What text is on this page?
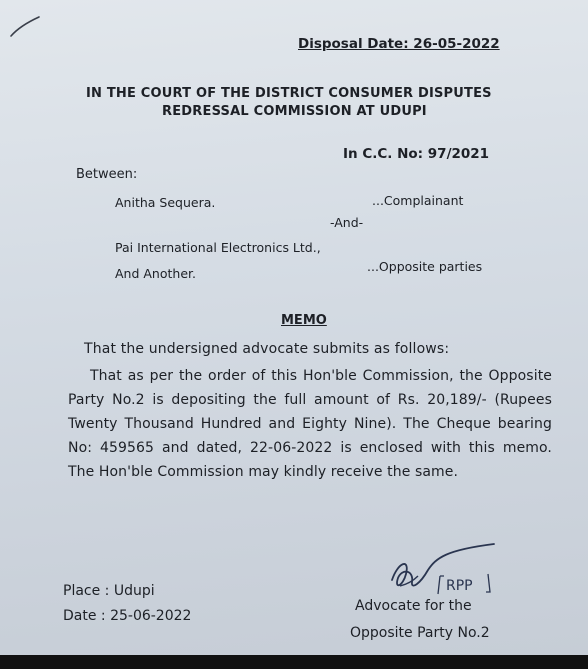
Disposal Date: 26-05-2022
IN THE COURT OF THE DISTRICT CONSUMER DISPUTES
REDRESSAL COMMISSION AT UDUPI
In C.C. No: 97/2021
Between:
Anitha Sequera.	...Complainant
-And-
Pai International Electronics Ltd.,
And Another.	...Opposite parties
MEMO
That the undersigned advocate submits as follows:
That as per the order of this Hon'ble Commission, the Opposite Party No.2 is depositing the full amount of Rs. 20,189/- (Rupees Twenty Thousand Hundred and Eighty Nine). The Cheque bearing No: 459565 and dated, 22-06-2022 is enclosed with this memo. The Hon'ble Commission may kindly receive the same.
Place : Udupi
Date : 25-06-2022
RPP
Advocate for the
Opposite Party No.2
